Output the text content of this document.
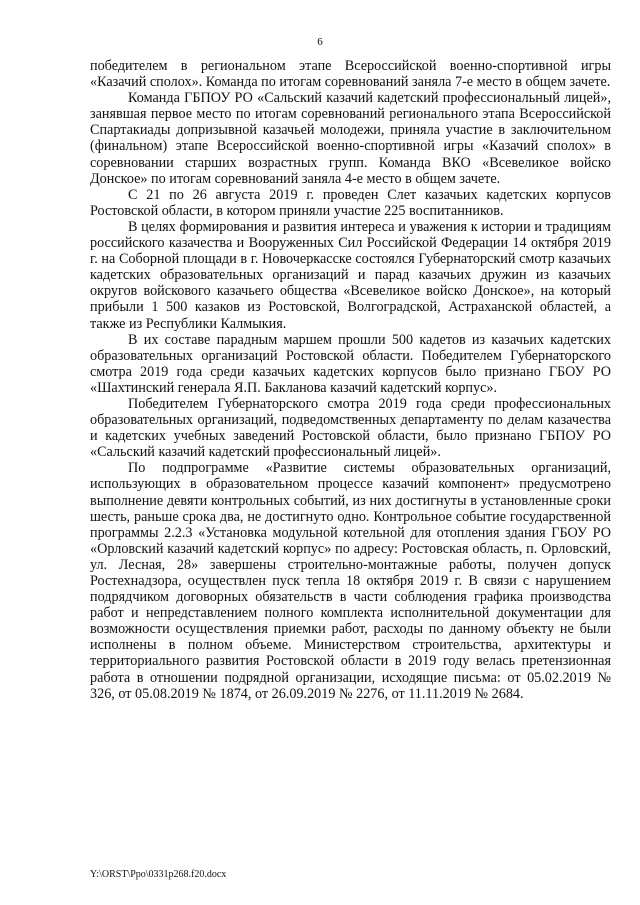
6

победителем в региональном этапе Всероссийской военно-спортивной игры «Казачий сполох». Команда по итогам соревнований заняла 7-е место в общем зачете.

Команда ГБПОУ РО «Сальский казачий кадетский профессиональный лицей», занявшая первое место по итогам соревнований регионального этапа Всероссийской Спартакиады допризывной казачьей молодежи, приняла участие в заключительном (финальном) этапе Всероссийской военно-спортивной игры «Казачий сполох» в соревновании старших возрастных групп. Команда ВКО «Всевеликое войско Донское» по итогам соревнований заняла 4-е место в общем зачете.

С 21 по 26 августа 2019 г. проведен Слет казачьих кадетских корпусов Ростовской области, в котором приняли участие 225 воспитанников.

В целях формирования и развития интереса и уважения к истории и традициям российского казачества и Вооруженных Сил Российской Федерации 14 октября 2019 г. на Соборной площади в г. Новочеркасске состоялся Губернаторский смотр казачьих кадетских образовательных организаций и парад казачьих дружин из казачьих округов войскового казачьего общества «Всевеликое войско Донское», на который прибыли 1 500 казаков из Ростовской, Волгоградской, Астраханской областей, а также из Республики Калмыкия.

В их составе парадным маршем прошли 500 кадетов из казачьих кадетских образовательных организаций Ростовской области. Победителем Губернаторского смотра 2019 года среди казачьих кадетских корпусов было признано ГБОУ РО «Шахтинский генерала Я.П. Бакланова казачий кадетский корпус».

Победителем Губернаторского смотра 2019 года среди профессиональных образовательных организаций, подведомственных департаменту по делам казачества и кадетских учебных заведений Ростовской области, было признано ГБПОУ РО «Сальский казачий кадетский профессиональный лицей».

По подпрограмме «Развитие системы образовательных организаций, использующих в образовательном процессе казачий компонент» предусмотрено выполнение девяти контрольных событий, из них достигнуты в установленные сроки шесть, раньше срока два, не достигнуто одно. Контрольное событие государственной программы 2.2.3 «Установка модульной котельной для отопления здания ГБОУ РО «Орловский казачий кадетский корпус» по адресу: Ростовская область, п. Орловский, ул. Лесная, 28» завершены строительно-монтажные работы, получен допуск Ростехнадзора, осуществлен пуск тепла 18 октября 2019 г. В связи с нарушением подрядчиком договорных обязательств в части соблюдения графика производства работ и непредставлением полного комплекта исполнительной документации для возможности осуществления приемки работ, расходы по данному объекту не были исполнены в полном объеме. Министерством строительства, архитектуры и территориального развития Ростовской области в 2019 году велась претензионная работа в отношении подрядной организации, исходящие письма: от 05.02.2019 № 326, от 05.08.2019 № 1874, от 26.09.2019 № 2276, от 11.11.2019 № 2684.

Y:\ORST\Ppo\0331p268.f20.docx
